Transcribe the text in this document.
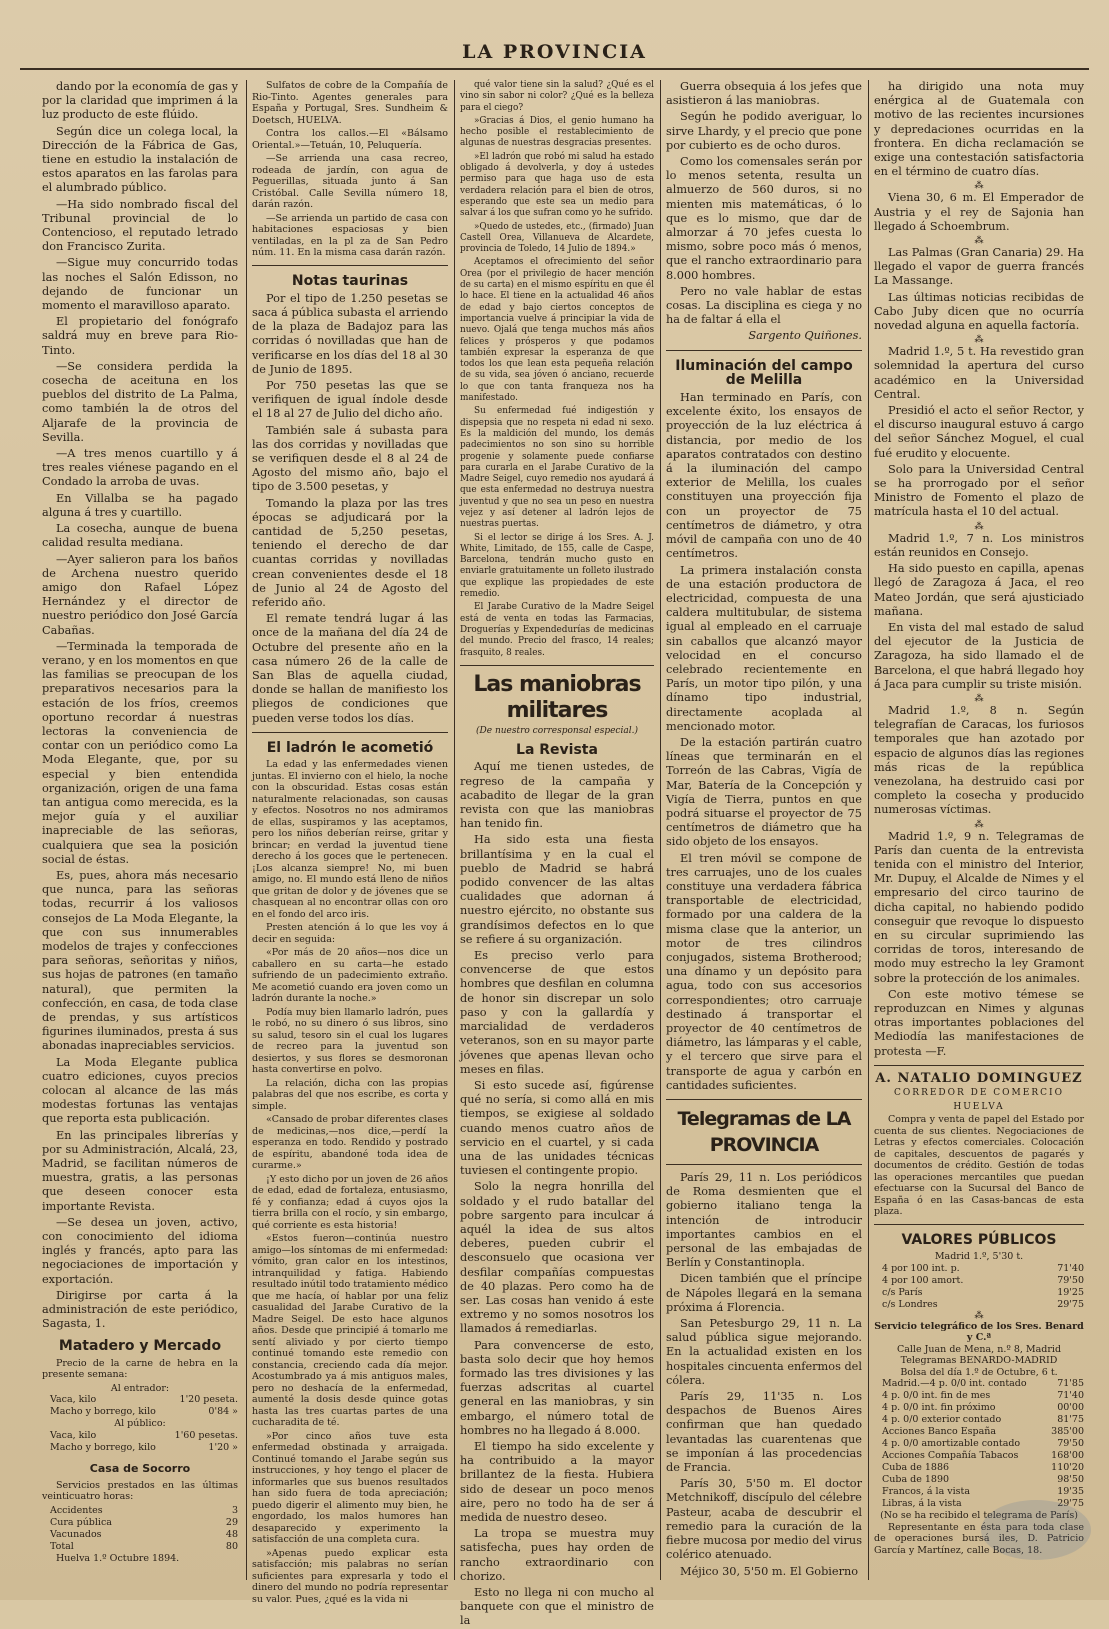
LA PROVINCIA

dando por la economía de gas y por la claridad que imprimen á la luz producto de este flúido.

Según dice un colega local, la Dirección de la Fábrica de Gas, tiene en estudio la instalación de estos aparatos en las farolas para el alumbrado público.

—Ha sido nombrado fiscal del Tribunal provincial de lo Contencioso, el reputado letrado don Francisco Zurita.

—Sigue muy concurrido todas las noches el Salón Edisson, no dejando de funcionar un momento el maravilloso aparato.

El propietario del fonógrafo saldrá muy en breve para Rio-Tinto.

—Se considera perdida la cosecha de aceituna en los pueblos del distrito de La Palma, como también la de otros del Aljarafe de la provincia de Sevilla.

—A tres menos cuartillo y á tres reales viénese pagando en el Condado la arroba de uvas.

En Villalba se ha pagado alguna á tres y cuartillo.

La cosecha, aunque de buena calidad resulta mediana.

—Ayer salieron para los baños de Archena nuestro querido amigo don Rafael López Hernández y el director de nuestro periódico don José García Cabañas.

—Terminada la temporada de verano, y en los momentos en que las familias se preocupan de los preparativos necesarios para la estación de los fríos, creemos oportuno recordar á nuestras lectoras la conveniencia de contar con un periódico como La Moda Elegante, que, por su especial y bien entendida organización, origen de una fama tan antigua como merecida, es la mejor guía y el auxiliar inapreciable de las señoras, cualquiera que sea la posición social de éstas.

Es, pues, ahora más necesario que nunca, para las señoras todas, recurrir á los valiosos consejos de La Moda Elegante, la que con sus innumerables modelos de trajes y confecciones para señoras, señoritas y niños, sus hojas de patrones (en tamaño natural), que permiten la confección, en casa, de toda clase de prendas, y sus artísticos figurines iluminados, presta á sus abonadas inapreciables servicios.

La Moda Elegante publica cuatro ediciones, cuyos precios colocan al alcance de las más modestas fortunas las ventajas que reporta esta publicación.

En las principales librerías y por su Administración, Alcalá, 23, Madrid, se facilitan números de muestra, gratis, a las personas que deseen conocer esta importante Revista.

—Se desea un joven, activo, con conocimiento del idioma inglés y francés, apto para las negociaciones de importación y exportación.

Dirigirse por carta á la administración de este periódico, Sagasta, 1.

Matadero y Mercado

Precio de la carne de hebra en la presente semana:

Al entrador:
Vaca, kilo	1'20 peseta.
Macho y borrego, kilo	0'84 »
Al público:
Vaca, kilo	1'60 pesetas.
Macho y borrego, kilo	1'20 »
Casa de Socorro

Servicios prestados en las últimas veinticuatro horas:

Accidentes	3
Cura pública	29
Vacunados	48
Total	80

Huelva 1.º Octubre 1894.

Sulfatos de cobre de la Compañía de Rio-Tinto. Agentes generales para España y Portugal, Sres. Sundheim & Doetsch, HUELVA.

Contra los callos.—El «Bálsamo Oriental.»—Tetuán, 10, Peluquería.

—Se arrienda una casa recreo, rodeada de jardín, con agua de Peguerillas, situada junto á San Cristóbal. Calle Sevilla número 18, darán razón.

—Se arrienda un partido de casa con habitaciones espaciosas y bien ventiladas, en la pl za de San Pedro núm. 11. En la misma casa darán razón.

Notas taurinas

Por el tipo de 1.250 pesetas se saca á pública subasta el arriendo de la plaza de Badajoz para las corridas ó novilladas que han de verificarse en los días del 18 al 30 de Junio de 1895.

Por 750 pesetas las que se verifiquen de igual índole desde el 18 al 27 de Julio del dicho año.

También sale á subasta para las dos corridas y novilladas que se verifiquen desde el 8 al 24 de Agosto del mismo año, bajo el tipo de 3.500 pesetas, y

Tomando la plaza por las tres épocas se adjudicará por la cantidad de 5,250 pesetas, teniendo el derecho de dar cuantas corridas y novilladas crean convenientes desde el 18 de Junio al 24 de Agosto del referido año.

El remate tendrá lugar á las once de la mañana del día 24 de Octubre del presente año en la casa número 26 de la calle de San Blas de aquella ciudad, donde se hallan de manifiesto los pliegos de condiciones que pueden verse todos los días.

El ladrón le acometió

La edad y las enfermedades vienen juntas. El invierno con el hielo, la noche con la obscuridad. Estas cosas están naturalmente relacionadas, son causas y efectos. Nosotros no nos admiramos de ellas, suspiramos y las aceptamos, pero los niños deberían reirse, gritar y brincar; en verdad la juventud tiene derecho á los goces que le pertenecen. ¡Los alcanza siempre! No, mi buen amigo, no. El mundo está lleno de niños que gritan de dolor y de jóvenes que se chasquean al no encontrar ollas con oro en el fondo del arco iris.

Presten atención á lo que les voy á decir en seguida:

«Por más de 20 años—nos dice un caballero en su carta—he estado sufriendo de un padecimiento extraño. Me acometió cuando era joven como un ladrón durante la noche.»

Podía muy bien llamarlo ladrón, pues le robó, no su dinero ó sus libros, sino su salud, tesoro sin el cual los lugares de recreo para la juventud son desiertos, y sus flores se desmoronan hasta convertirse en polvo.

La relación, dicha con las propias palabras del que nos escribe, es corta y simple.

«Cansado de probar diferentes clases de medicinas,—nos dice,—perdí la esperanza en todo. Rendido y postrado de espíritu, abandoné toda idea de curarme.»

¡Y esto dicho por un joven de 26 años de edad, edad de fortaleza, entusiasmo, fé y confianza; edad á cuyos ojos la tierra brilla con el rocío, y sin embargo, qué corriente es esta historia!

«Estos fueron—continúa nuestro amigo—los síntomas de mi enfermedad: vómito, gran calor en los intestinos, intranquilidad y fatiga. Habiendo resultado inútil todo tratamiento médico que me hacía, oí hablar por una feliz casualidad del Jarabe Curativo de la Madre Seigel. De esto hace algunos años. Desde que principié á tomarlo me sentí aliviado y por cierto tiempo continué tomando este remedio con constancia, creciendo cada día mejor. Acostumbrado ya á mis antiguos males, pero no deshacía de la enfermedad, aumenté la dosis desde quince gotas hasta las tres cuartas partes de una cucharadita de té.

»Por cinco años tuve esta enfermedad obstinada y arraigada. Continué tomando el Jarabe según sus instrucciones, y hoy tengo el placer de informarles que sus buenos resultados han sido fuera de toda apreciación; puedo digerir el alimento muy bien, he engordado, los malos humores han desaparecido y experimento la satisfacción de una completa cura.

»Apenas puedo explicar esta satisfacción; mis palabras no serían suficientes para expresarla y todo el dinero del mundo no podría representar su valor. Pues, ¿qué es la vida ni

qué valor tiene sin la salud? ¿Qué es el vino sin sabor ni color? ¿Qué es la belleza para el ciego?

»Gracias á Dios, el genio humano ha hecho posible el restablecimiento de algunas de nuestras desgracias presentes.

»El ladrón que robó mi salud ha estado obligado á devolverla, y doy á ustedes permiso para que haga uso de esta verdadera relación para el bien de otros, esperando que este sea un medio para salvar á los que sufran como yo he sufrido.

»Quedo de ustedes, etc., (firmado) Juan Castell Orea, Villanueva de Alcardete, provincia de Toledo, 14 Julio de 1894.»

Aceptamos el ofrecimiento del señor Orea (por el privilegio de hacer mención de su carta) en el mismo espíritu en que él lo hace. El tiene en la actualidad 46 años de edad y bajo ciertos conceptos de importancia vuelve á principiar la vida de nuevo. Ojalá que tenga muchos más años felices y prósperos y que podamos también expresar la esperanza de que todos los que lean esta pequeña relación de su vida, sea jóven ó anciano, recuerde lo que con tanta franqueza nos ha manifestado.

Su enfermedad fué indigestión y dispepsia que no respeta ni edad ni sexo. Es la maldición del mundo, los demás padecimientos no son sino su horrible progenie y solamente puede confiarse para curarla en el Jarabe Curativo de la Madre Seigel, cuyo remedio nos ayudará á que esta enfermedad no destruya nuestra juventud y que no sea un peso en nuestra vejez y así detener al ladrón lejos de nuestras puertas.

Si el lector se dirige á los Sres. A. J. White, Limitado, de 155, calle de Caspe, Barcelona, tendrán mucho gusto en enviarle gratuitamente un folleto ilustrado que explique las propiedades de este remedio.

El Jarabe Curativo de la Madre Seigel está de venta en todas las Farmacias, Droguerías y Expendedurías de medicinas del mundo. Precio del frasco, 14 reales; frasquito, 8 reales.

Las maniobras militares
(De nuestro corresponsal especial.)
La Revista

Aquí me tienen ustedes, de regreso de la campaña y acabadito de llegar de la gran revista con que las maniobras han tenido fin.

Ha sido esta una fiesta brillantísima y en la cual el pueblo de Madrid se habrá podido convencer de las altas cualidades que adornan á nuestro ejército, no obstante sus grandísimos defectos en lo que se refiere á su organización.

Es preciso verlo para convencerse de que estos hombres que desfilan en columna de honor sin discrepar un solo paso y con la gallardía y marcialidad de verdaderos veteranos, son en su mayor parte jóvenes que apenas llevan ocho meses en filas.

Si esto sucede así, figúrense qué no sería, si como allá en mis tiempos, se exigiese al soldado cuando menos cuatro años de servicio en el cuartel, y si cada una de las unidades técnicas tuviesen el contingente propio.

Solo la negra honrilla del soldado y el rudo batallar del pobre sargento para inculcar á aquél la idea de sus altos deberes, pueden cubrir el desconsuelo que ocasiona ver desfilar compañías compuestas de 40 plazas. Pero como ha de ser. Las cosas han venido á este extremo y no somos nosotros los llamados á remediarlas.

Para convencerse de esto, basta solo decir que hoy hemos formado las tres divisiones y las fuerzas adscritas al cuartel general en las maniobras, y sin embargo, el número total de hombres no ha llegado á 8.000.

El tiempo ha sido excelente y ha contribuido a la mayor brillantez de la fiesta. Hubiera sido de desear un poco menos aire, pero no todo ha de ser á medida de nuestro deseo.

La tropa se muestra muy satisfecha, pues hay orden de rancho extraordinario con chorizo.

Esto no llega ni con mucho al banquete con que el ministro de la

Guerra obsequia á los jefes que asistieron á las maniobras.

Según he podido averiguar, lo sirve Lhardy, y el precio que pone por cubierto es de ocho duros.

Como los comensales serán por lo menos setenta, resulta un almuerzo de 560 duros, si no mienten mis matemáticas, ó lo que es lo mismo, que dar de almorzar á 70 jefes cuesta lo mismo, sobre poco más ó menos, que el rancho extraordinario para 8.000 hombres.

Pero no vale hablar de estas cosas. La disciplina es ciega y no ha de faltar á ella el

Sargento Quiñones.
Iluminación del campo de Melilla

Han terminado en París, con excelente éxito, los ensayos de proyección de la luz eléctrica á distancia, por medio de los aparatos contratados con destino á la iluminación del campo exterior de Melilla, los cuales constituyen una proyección fija con un proyector de 75 centímetros de diámetro, y otra móvil de campaña con uno de 40 centímetros.

La primera instalación consta de una estación productora de electricidad, compuesta de una caldera multitubular, de sistema igual al empleado en el carruaje sin caballos que alcanzó mayor velocidad en el concurso celebrado recientemente en París, un motor tipo pilón, y una dínamo tipo industrial, directamente acoplada al mencionado motor.

De la estación partirán cuatro líneas que terminarán en el Torreón de las Cabras, Vigía de Mar, Batería de la Concepción y Vigía de Tierra, puntos en que podrá situarse el proyector de 75 centímetros de diámetro que ha sido objeto de los ensayos.

El tren móvil se compone de tres carruajes, uno de los cuales constituye una verdadera fábrica transportable de electricidad, formado por una caldera de la misma clase que la anterior, un motor de tres cilindros conjugados, sistema Brotherood; una dínamo y un depósito para agua, todo con sus accesorios correspondientes; otro carruaje destinado á transportar el proyector de 40 centímetros de diámetro, las lámparas y el cable, y el tercero que sirve para el transporte de agua y carbón en cantidades suficientes.

Telegramas de LA PROVINCIA

París 29, 11 n. Los periódicos de Roma desmienten que el gobierno italiano tenga la intención de introducir importantes cambios en el personal de las embajadas de Berlín y Constantinopla.

Dicen también que el príncipe de Nápoles llegará en la semana próxima á Florencia.

San Petesburgo 29, 11 n. La salud pública sigue mejorando. En la actualidad existen en los hospitales cincuenta enfermos del cólera.

París 29, 11'35 n. Los despachos de Buenos Aires confirman que han quedado levantadas las cuarentenas que se imponían á las procedencias de Francia.

París 30, 5'50 m. El doctor Metchnikoff, discípulo del célebre Pasteur, acaba de descubrir el remedio para la curación de la fiebre mucosa por medio del virus colérico atenuado.

Méjico 30, 5'50 m. El Gobierno

ha dirigido una nota muy enérgica al de Guatemala con motivo de las recientes incursiones y depredaciones ocurridas en la frontera. En dicha reclamación se exige una contestación satisfactoria en el término de cuatro días.

⁂

Viena 30, 6 m. El Emperador de Austria y el rey de Sajonia han llegado á Schoembrum.

⁂

Las Palmas (Gran Canaria) 29. Ha llegado el vapor de guerra francés La Massange.

Las últimas noticias recibidas de Cabo Juby dicen que no ocurría novedad alguna en aquella factoría.

⁂

Madrid 1.º, 5 t. Ha revestido gran solemnidad la apertura del curso académico en la Universidad Central.

Presidió el acto el señor Rector, y el discurso inaugural estuvo á cargo del señor Sánchez Moguel, el cual fué erudito y elocuente.

Solo para la Universidad Central se ha prorrogado por el señor Ministro de Fomento el plazo de matrícula hasta el 10 del actual.

⁂

Madrid 1.º, 7 n. Los ministros están reunidos en Consejo.

Ha sido puesto en capilla, apenas llegó de Zaragoza á Jaca, el reo Mateo Jordán, que será ajusticiado mañana.

En vista del mal estado de salud del ejecutor de la Justicia de Zaragoza, ha sido llamado el de Barcelona, el que habrá llegado hoy á Jaca para cumplir su triste misión.

⁂

Madrid 1.º, 8 n. Según telegrafían de Caracas, los furiosos temporales que han azotado por espacio de algunos días las regiones más ricas de la república venezolana, ha destruido casi por completo la cosecha y producido numerosas víctimas.

⁂

Madrid 1.º, 9 n. Telegramas de París dan cuenta de la entrevista tenida con el ministro del Interior, Mr. Dupuy, el Alcalde de Nimes y el empresario del circo taurino de dicha capital, no habiendo podido conseguir que revoque lo dispuesto en su circular suprimiendo las corridas de toros, interesando de modo muy estrecho la ley Gramont sobre la protección de los animales.

Con este motivo témese se reproduzcan en Nimes y algunas otras importantes poblaciones del Mediodía las manifestaciones de protesta —F.

A. NATALIO DOMINGUEZ
CORREDOR DE COMERCIO
HUELVA

Compra y venta de papel del Estado por cuenta de sus clientes. Negociaciones de Letras y efectos comerciales. Colocación de capitales, descuentos de pagarés y documentos de crédito. Gestión de todas las operaciones mercantiles que puedan efectuarse con la Sucursal del Banco de España ó en las Casas-bancas de esta plaza.

VALORES PÚBLICOS
Madrid 1.º, 5'30 t.
4 por 100 int. p.	71'40
4 por 100 amort.	79'50
c/s París	19'25
c/s Londres	29'75
⁂
Servicio telegráfico de los Sres. Benard y C.ª
Calle Juan de Mena, n.º 8, Madrid
Telegramas BENARDO-MADRID
Bolsa del día 1.º de Octubre, 6 t.
Madrid.—4 p. 0/0 int. contado	71'85
4 p. 0/0 int. fin de mes	71'40
4 p. 0/0 int. fin próximo	00'00
4 p. 0/0 exterior contado	81'75
Acciones Banco España	385'00
4 p. 0/0 amortizable contado	79'50
Acciones Compañía Tabacos	168'00
Cuba de 1886	110'20
Cuba de 1890	98'50
Francos, á la vista	19'35
Libras, á la vista	29'75
(No se ha recibido el telegrama de París)

Representante en ésta para toda clase de operaciones bursá iles, D. Patricio García y Martínez, calle Bocas, 18.
